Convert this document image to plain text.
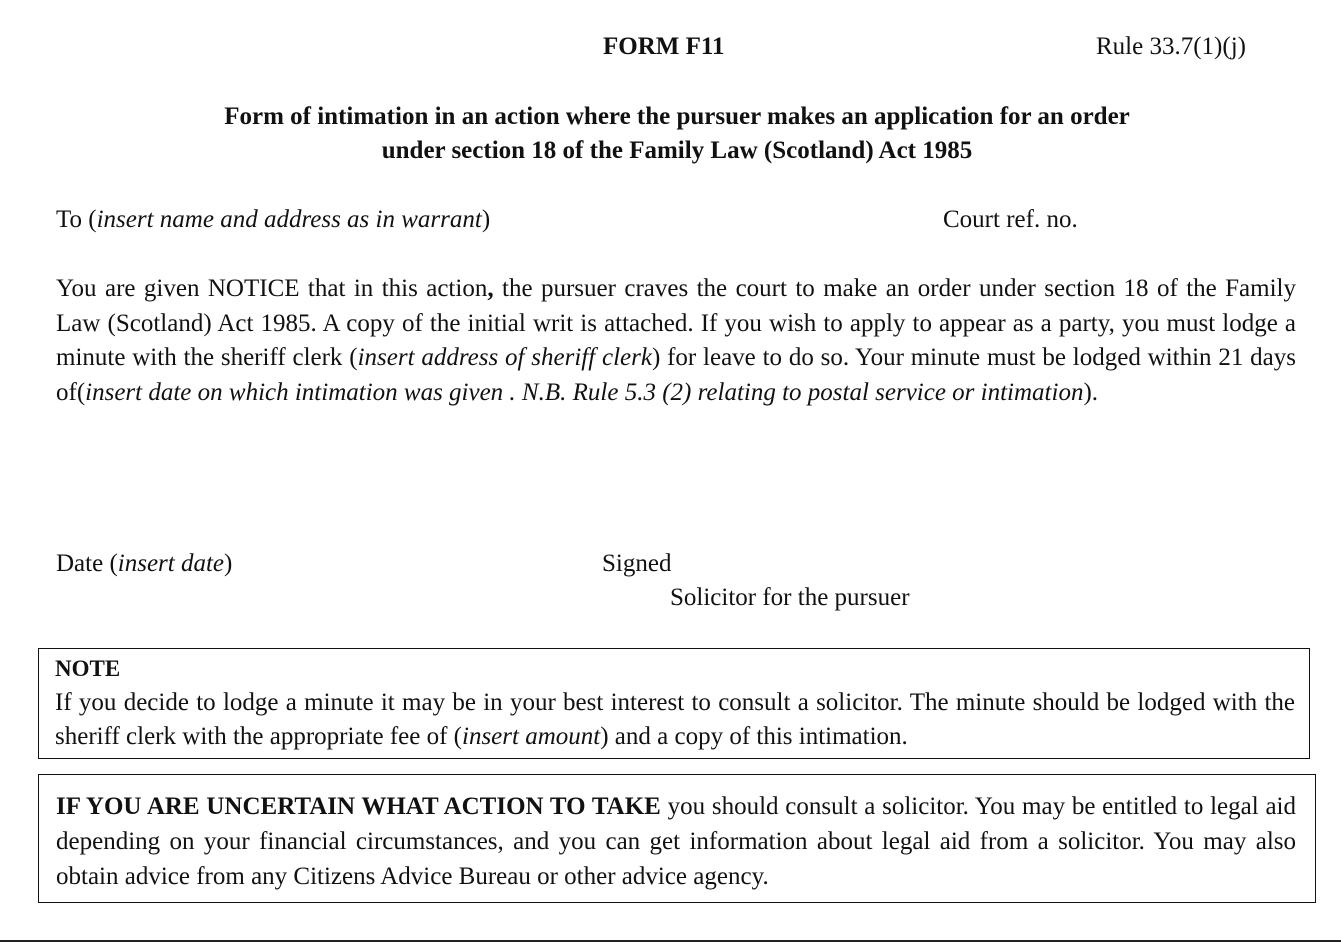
FORM F11	Rule 33.7(1)(j)
Form of intimation in an action where the pursuer makes an application for an order
under section 18 of the Family Law (Scotland) Act 1985
To (insert name and address as in warrant)	Court ref. no.
You are given NOTICE that in this action, the pursuer craves the court to make an order under section 18 of the Family Law (Scotland) Act 1985. A copy of the initial writ is attached. If you wish to apply to appear as a party, you must lodge a minute with the sheriff clerk (insert address of sheriff clerk) for leave to do so. Your minute must be lodged within 21 days of(insert date on which intimation was given . N.B. Rule 5.3 (2) relating to postal service or intimation).
Date (insert date)	Signed
Solicitor for the pursuer
NOTE
If you decide to lodge a minute it may be in your best interest to consult a solicitor. The minute should be lodged with the sheriff clerk with the appropriate fee of (insert amount) and a copy of this intimation.
IF YOU ARE UNCERTAIN WHAT ACTION TO TAKE you should consult a solicitor. You may be entitled to legal aid depending on your financial circumstances, and you can get information about legal aid from a solicitor. You may also obtain advice from any Citizens Advice Bureau or other advice agency.
